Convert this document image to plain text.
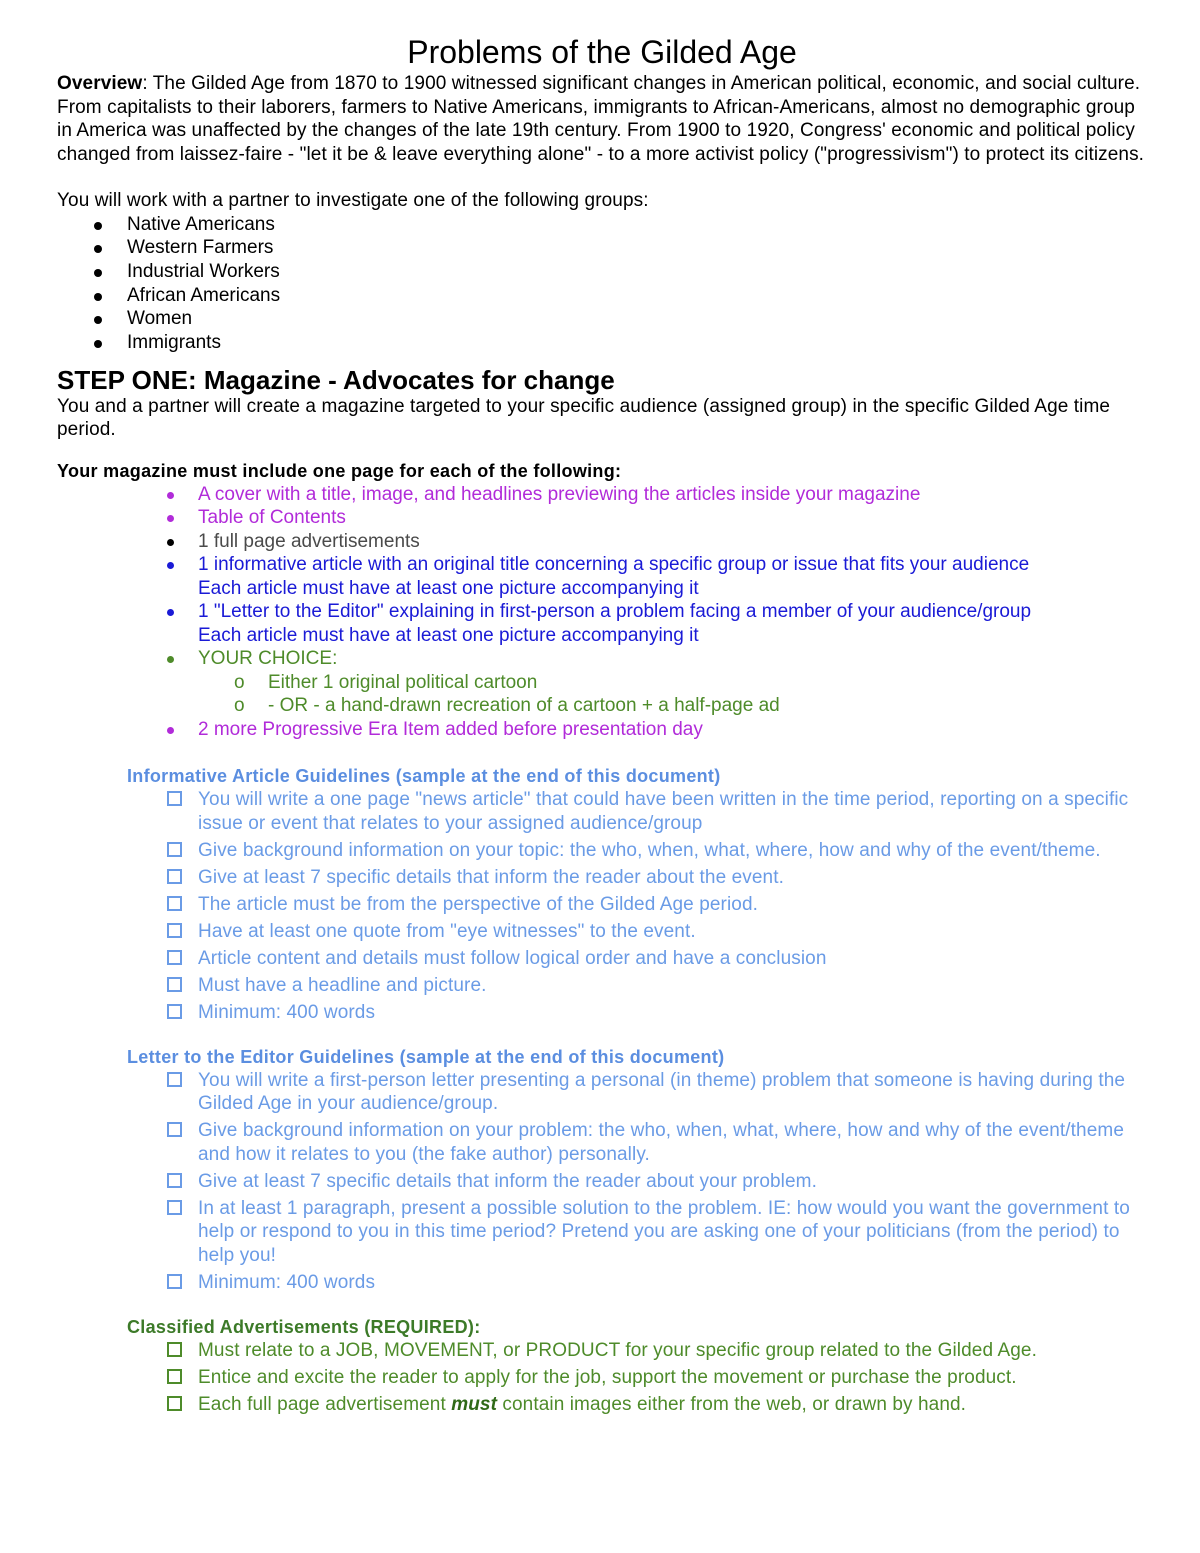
Problems of the Gilded Age

Overview: The Gilded Age from 1870 to 1900 witnessed significant changes in American political, economic, and social culture. From capitalists to their laborers, farmers to Native Americans, immigrants to African-Americans, almost no demographic group in America was unaffected by the changes of the late 19th century. From 1900 to 1920, Congress' economic and political policy changed from laissez-faire - "let it be & leave everything alone" - to a more activist policy ("progressivism") to protect its citizens.

You will work with a partner to investigate one of the following groups:

Native Americans
Western Farmers
Industrial Workers
African Americans
Women
Immigrants
STEP ONE: Magazine - Advocates for change

You and a partner will create a magazine targeted to your specific audience (assigned group) in the specific Gilded Age time period.

Your magazine must include one page for each of the following:
A cover with a title, image, and headlines previewing the articles inside your magazine
Table of Contents
1 full page advertisements
1 informative article with an original title concerning a specific group or issue that fits your audience
Each article must have at least one picture accompanying it
1 "Letter to the Editor" explaining in first-person a problem facing a member of your audience/group
Each article must have at least one picture accompanying it
YOUR CHOICE:
o Either 1 original political cartoon
o - OR - a hand-drawn recreation of a cartoon + a half-page ad
2 more Progressive Era Item added before presentation day
Informative Article Guidelines (sample at the end of this document)
You will write a one page "news article" that could have been written in the time period, reporting on a specific issue or event that relates to your assigned audience/group
Give background information on your topic: the who, when, what, where, how and why of the event/theme.
Give at least 7 specific details that inform the reader about the event.
The article must be from the perspective of the Gilded Age period.
Have at least one quote from "eye witnesses" to the event.
Article content and details must follow logical order and have a conclusion
Must have a headline and picture.
Minimum: 400 words
Letter to the Editor Guidelines (sample at the end of this document)
You will write a first-person letter presenting a personal (in theme) problem that someone is having during the Gilded Age in your audience/group.
Give background information on your problem: the who, when, what, where, how and why of the event/theme and how it relates to you (the fake author) personally.
Give at least 7 specific details that inform the reader about your problem.
In at least 1 paragraph, present a possible solution to the problem. IE: how would you want the government to help or respond to you in this time period? Pretend you are asking one of your politicians (from the period) to help you!
Minimum: 400 words
Classified Advertisements (REQUIRED):
Must relate to a JOB, MOVEMENT, or PRODUCT for your specific group related to the Gilded Age.
Entice and excite the reader to apply for the job, support the movement or purchase the product.
Each full page advertisement must contain images either from the web, or drawn by hand.
